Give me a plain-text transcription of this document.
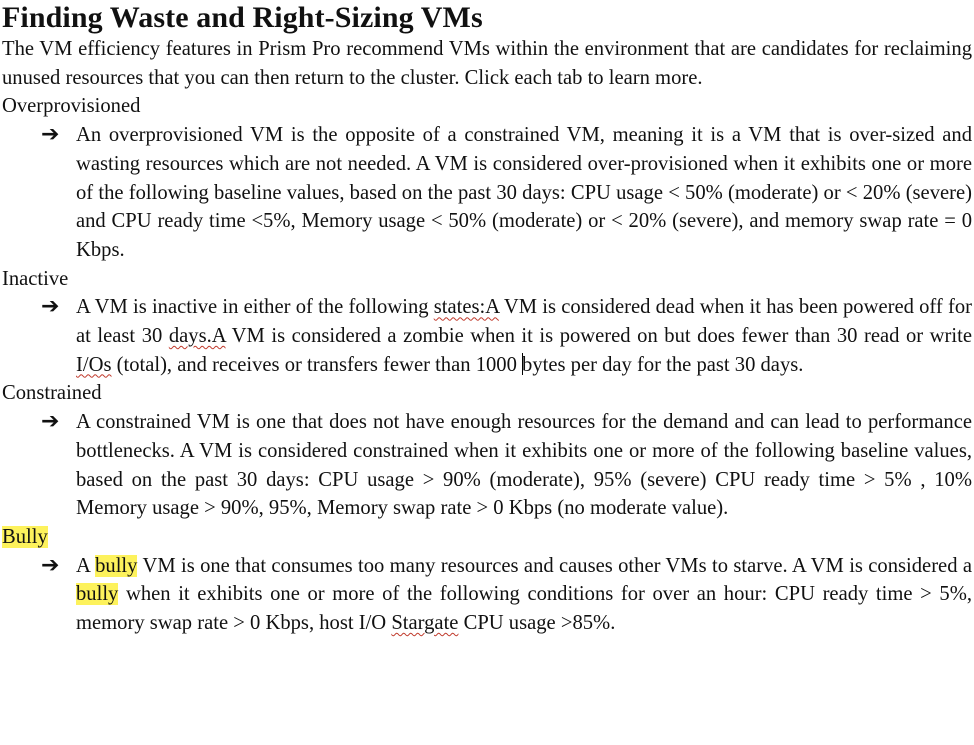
Finding Waste and Right-Sizing VMs

The VM efficiency features in Prism Pro recommend VMs within the environment that are candidates for reclaiming unused resources that you can then return to the cluster. Click each tab to learn more.

Overprovisioned
➔ An overprovisioned VM is the opposite of a constrained VM, meaning it is a VM that is over-sized and wasting resources which are not needed. A VM is considered over-provisioned when it exhibits one or more of the following baseline values, based on the past 30 days: CPU usage < 50% (moderate) or < 20% (severe) and CPU ready time <5%, Memory usage < 50% (moderate) or < 20% (severe), and memory swap rate = 0 Kbps.

Inactive
➔ A VM is inactive in either of the following states:A VM is considered dead when it has been powered off for at least 30 days.A VM is considered a zombie when it is powered on but does fewer than 30 read or write I/Os (total), and receives or transfers fewer than 1000 bytes per day for the past 30 days.

Constrained
➔ A constrained VM is one that does not have enough resources for the demand and can lead to performance bottlenecks. A VM is considered constrained when it exhibits one or more of the following baseline values, based on the past 30 days: CPU usage > 90% (moderate), 95% (severe) CPU ready time > 5% , 10% Memory usage > 90%, 95%, Memory swap rate > 0 Kbps (no moderate value).

Bully
➔ A bully VM is one that consumes too many resources and causes other VMs to starve. A VM is considered a bully when it exhibits one or more of the following conditions for over an hour: CPU ready time > 5%, memory swap rate > 0 Kbps, host I/O Stargate CPU usage >85%.
